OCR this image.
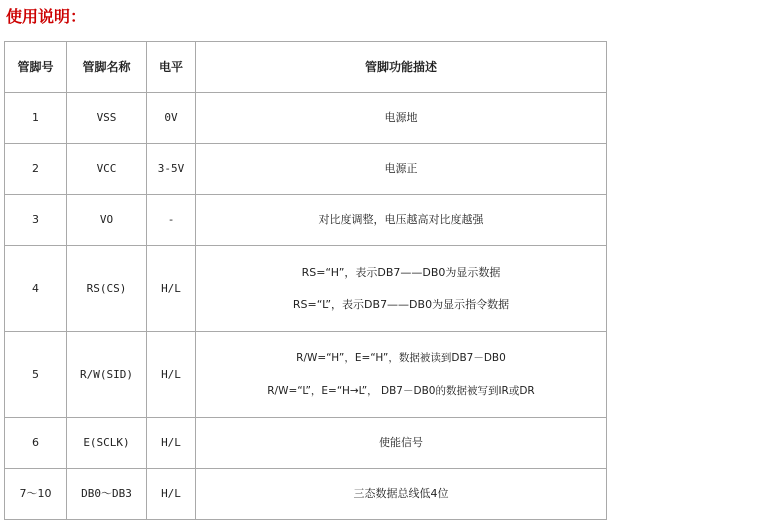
使用说明：
管脚号	管脚名称	电平	管脚功能描述
1	VSS	0V	电源地
2	VCC	3-5V	电源正
3	VO	-	对比度调整，电压越高对比度越强
4	RS(CS)	H/L	RS=“H”，表示DB7——DB0为显示数据
RS=“L”，表示DB7——DB0为显示指令数据

5	R/W(SID)	H/L	R/W=“H”，E=“H”，数据被读到DB7－DB0
R/W=“L”，E=“H→L”， DB7－DB0的数据被写到IR或DR

6	E(SCLK)	H/L	使能信号
7～10	DB0～DB3	H/L	三态数据总线低4位
